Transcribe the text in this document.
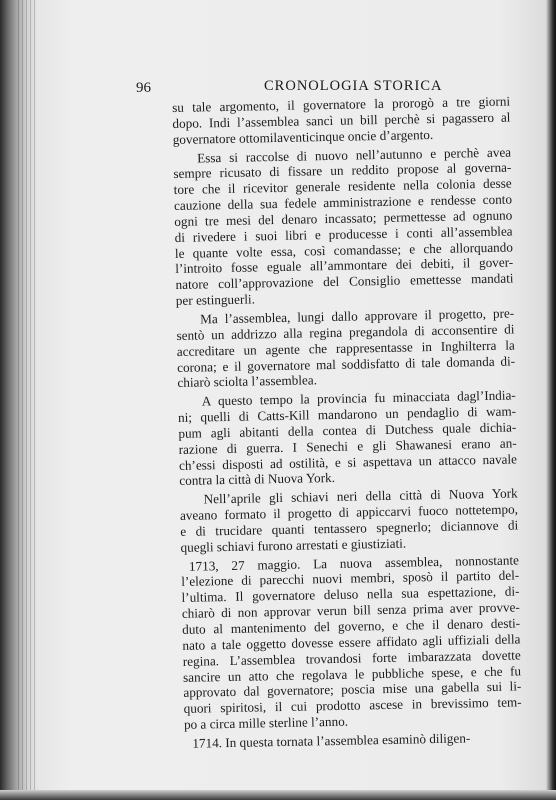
96	CRONOLOGIA STORICA
su tale argomento, il governatore la prorogò a tre giorni
dopo. Indi l’assemblea sancì un bill perchè si pagassero al
governatore ottomilaventicinque oncie d’argento.
Essa si raccolse di nuovo nell’autunno e perchè avea
sempre ricusato di fissare un reddito propose al governa-
tore che il ricevitor generale residente nella colonia desse
cauzione della sua fedele amministrazione e rendesse conto
ogni tre mesi del denaro incassato; permettesse ad ognuno
di rivedere i suoi libri e producesse i conti all’assemblea
le quante volte essa, così comandasse; e che allorquando
l’introito fosse eguale all’ammontare dei debiti, il gover-
natore coll’approvazione del Consiglio emettesse mandati
per estinguerli.
Ma l’assemblea, lungi dallo approvare il progetto, pre-
sentò un addrizzo alla regina pregandola di acconsentire di
accreditare un agente che rappresentasse in Inghilterra la
corona; e il governatore mal soddisfatto di tale domanda di-
chiarò sciolta l’assemblea.
A questo tempo la provincia fu minacciata dagl’Indiа-
ni; quelli di Catts-Kill mandarono un pendaglio di wam-
pum agli abitanti della contea di Dutchess quale dichia-
razione di guerra. I Senechi e gli Shawanesi erano an-
ch’essi disposti ad ostilità, e si aspettava un attacco navale
contra la città di Nuova York.
Nell’aprile gli schiavi neri della città di Nuova York
aveano formato il progetto di appiccarvi fuoco nottetempo,
e di trucidare quanti tentassero spegnerlo; diciannove di
quegli schiavi furono arrestati e giustiziati.
1713, 27 maggio. La nuova assemblea, nonnostante
l’elezione di parecchi nuovi membri, sposò il partito del-
l’ultima. Il governatore deluso nella sua espettazione, di-
chiarò di non approvar verun bill senza prima aver provve-
duto al mantenimento del governo, e che il denaro desti-
nato a tale oggetto dovesse essere affidato agli uffiziali della
regina. L’assemblea trovandosi forte imbarazzata dovette
sancire un atto che regolava le pubbliche spese, e che fu
approvato dal governatore; poscia mise una gabella sui li-
quori spiritosi, il cui prodotto ascese in brevissimo tem-
po a circa mille sterline l’anno.
1714. In questa tornata l’assemblea esaminò diligen-
